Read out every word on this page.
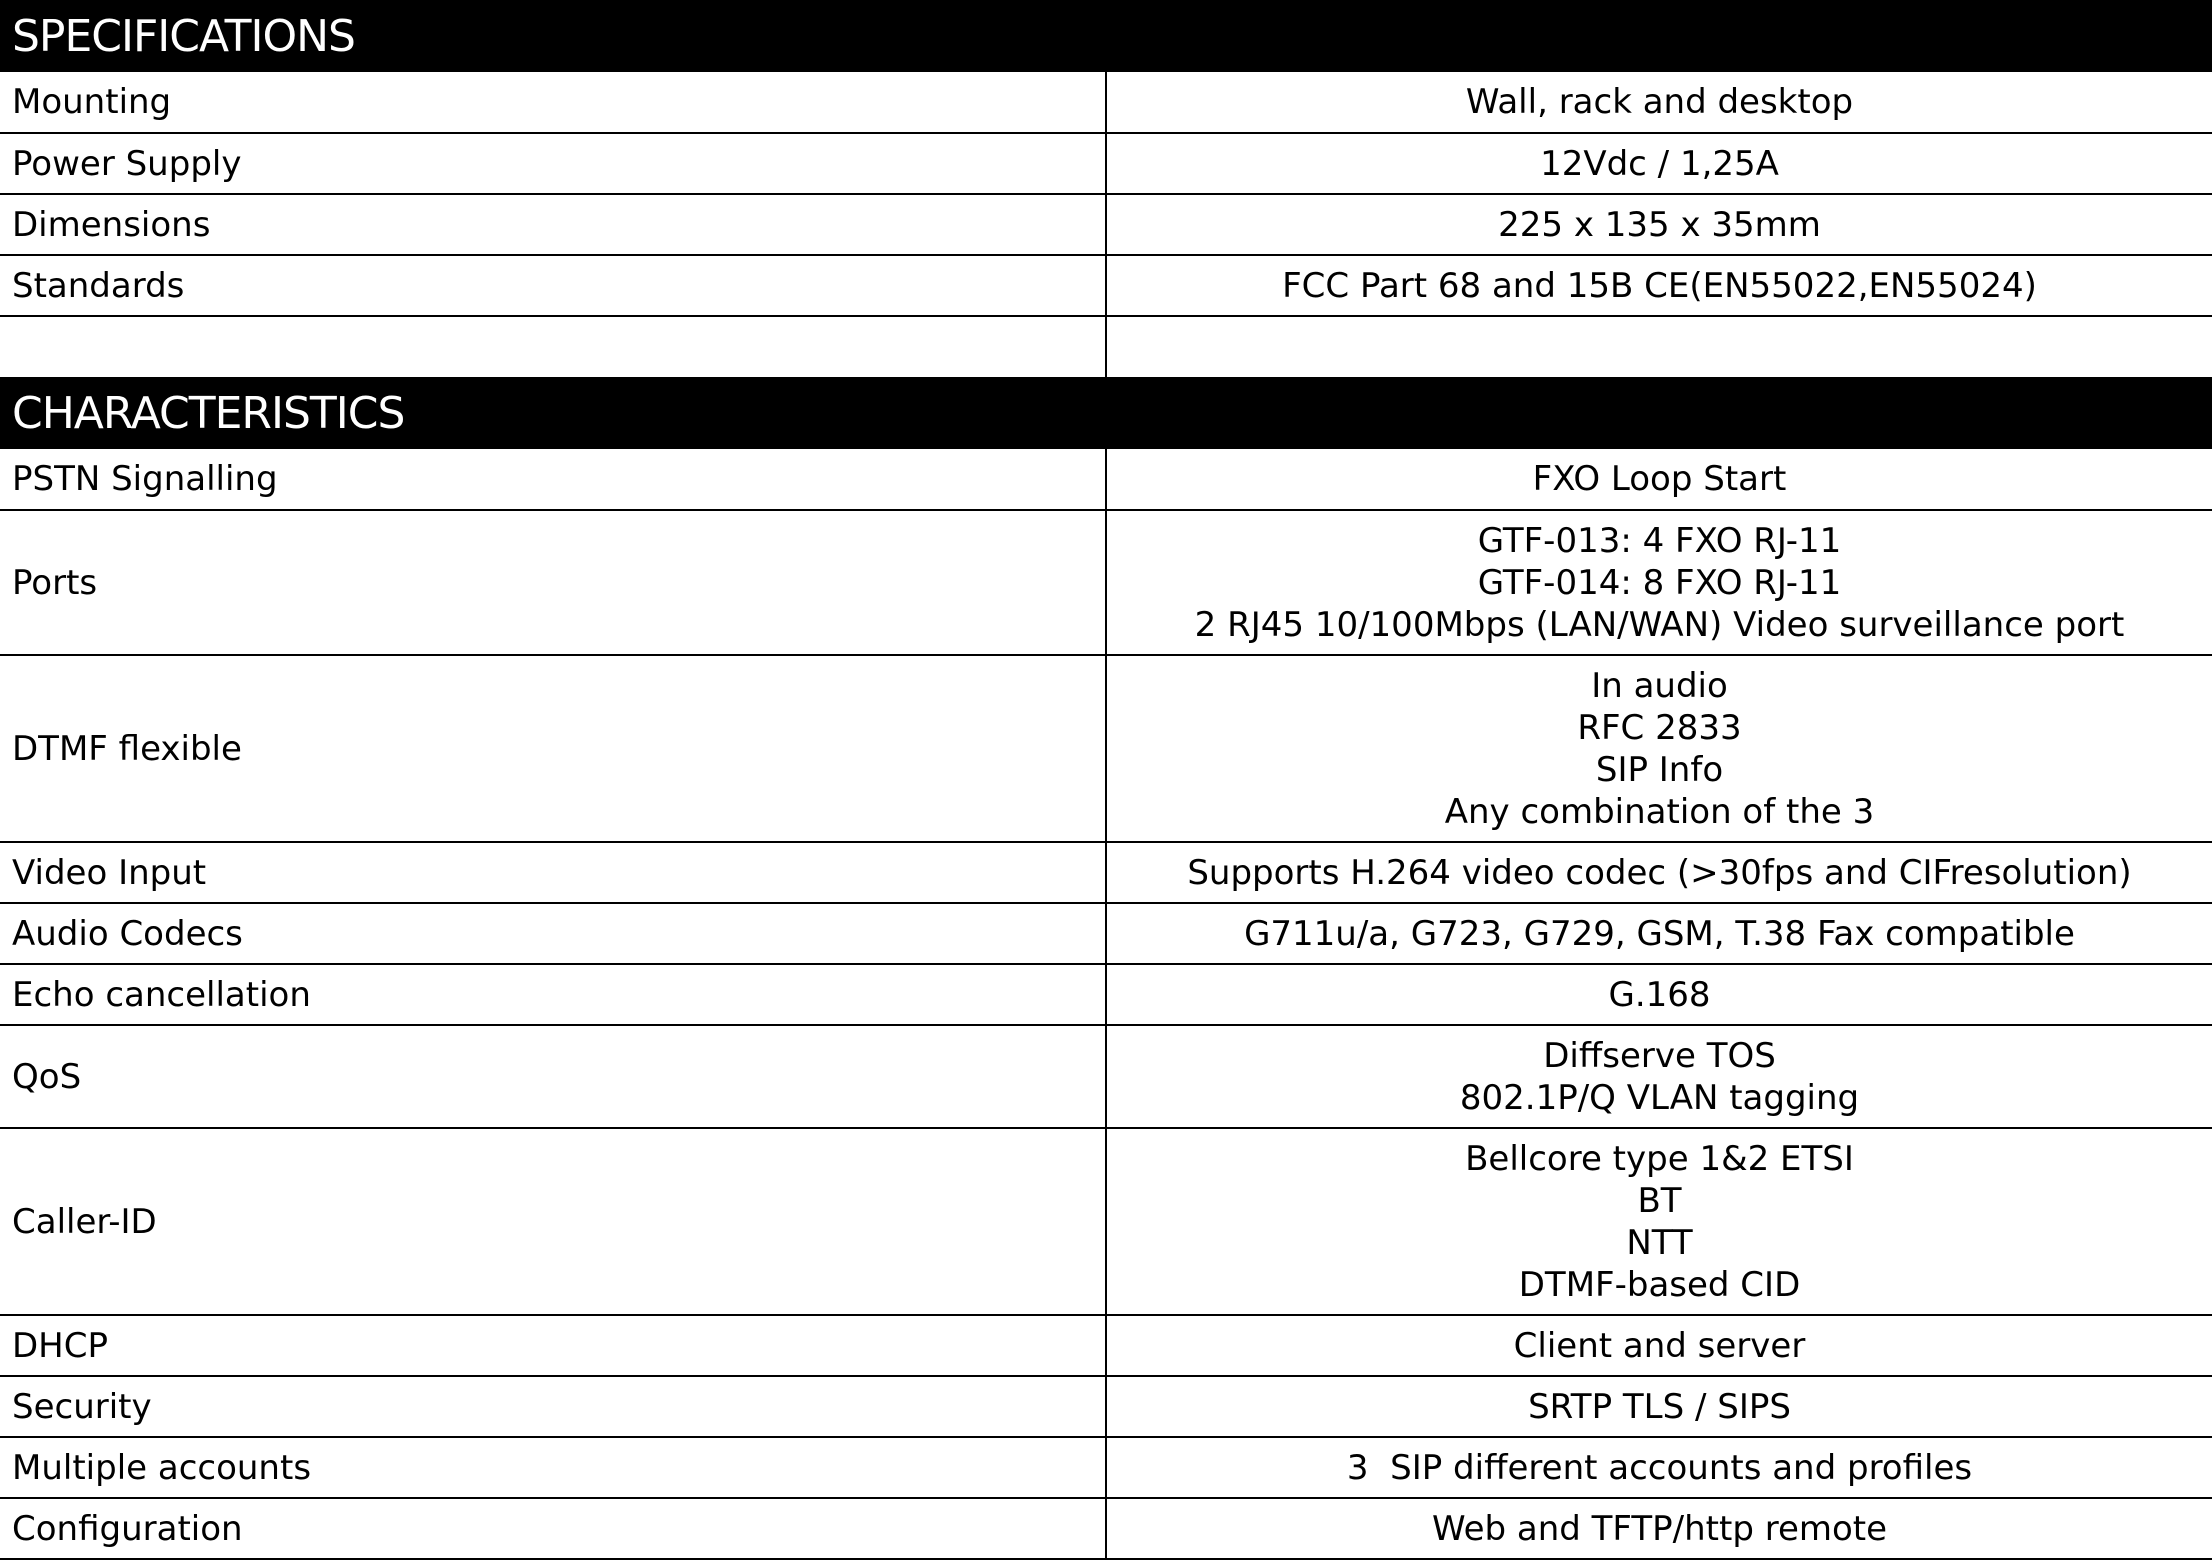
SPECIFICATIONS
Mounting	Wall, rack and desktop

Power Supply	12Vdc / 1,25A

Dimensions	225 x 135 x 35mm

Standards	FCC Part 68 and 15B CE(EN55022,EN55024)

CHARACTERISTICS
PSTN Signalling	FXO Loop Start

Ports	GTF-013: 4 FXO RJ-11
GTF-014: 8 FXO RJ-11
2 RJ45 10/100Mbps (LAN/WAN) Video surveillance port

DTMF flexible	In audio
RFC 2833
SIP Info
Any combination of the 3

Video Input	Supports H.264 video codec (>30fps and CIFresolution)

Audio Codecs	G711u/a, G723, G729, GSM, T.38 Fax compatible

Echo cancellation	G.168

QoS	Diffserve TOS
802.1P/Q VLAN tagging

Caller-ID	Bellcore type 1&2 ETSI
BT
NTT
DTMF-based CID

DHCP	Client and server

Security	SRTP TLS / SIPS

Multiple accounts	3  SIP different accounts and profiles

Configuration	Web and TFTP/http remote
